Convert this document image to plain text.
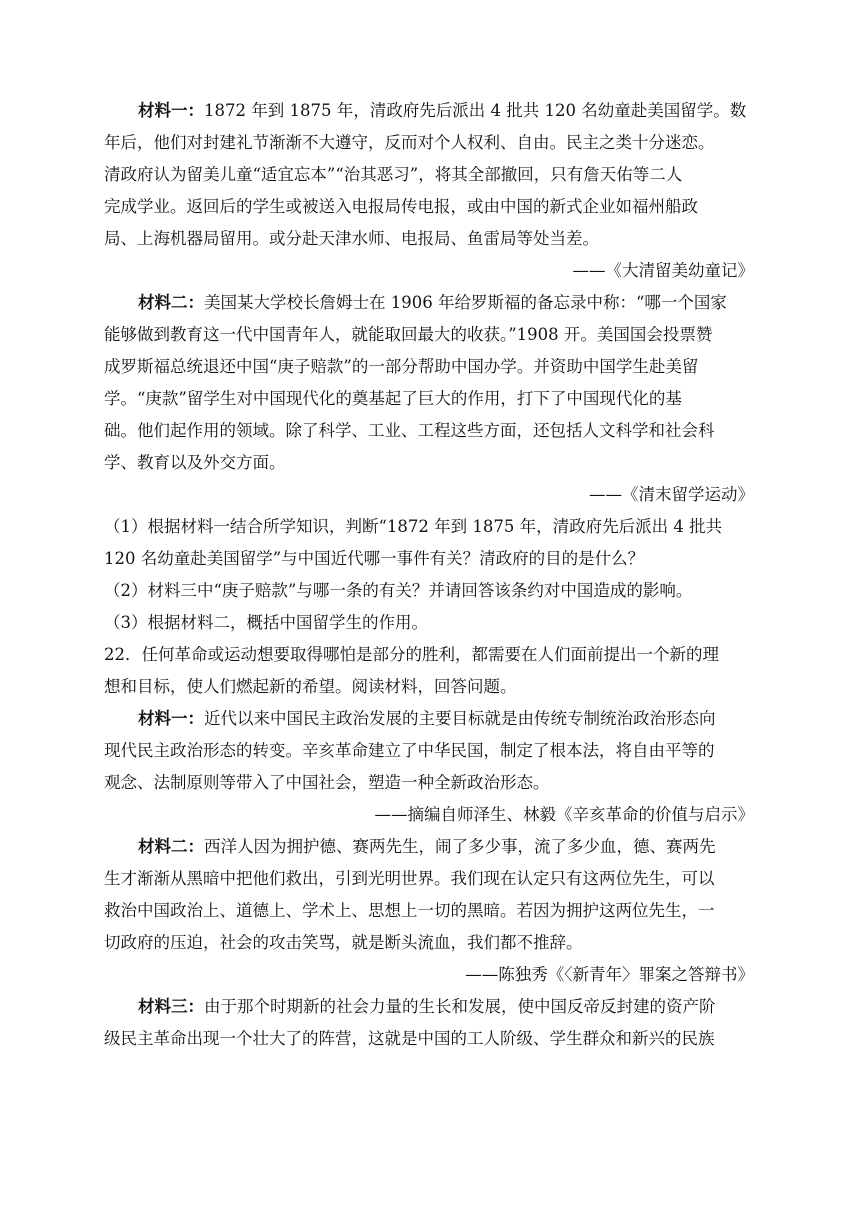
材料一：1872 年到 1875 年，清政府先后派出 4 批共 120 名幼童赴美国留学。数

年后，他们对封建礼节渐渐不大遵守，反而对个人权利、自由。民主之类十分迷恋。

清政府认为留美儿童“适宜忘本”“治其恶习”，将其全部撤回，只有詹天佑等二人

完成学业。返回后的学生或被送入电报局传电报，或由中国的新式企业如福州船政

局、上海机器局留用。或分赴天津水师、电报局、鱼雷局等处当差。

——《大清留美幼童记》

材料二：美国某大学校长詹姆士在 1906 年给罗斯福的备忘录中称：“哪一个国家

能够做到教育这一代中国青年人，就能取回最大的收获。”1908 开。美国国会投票赞

成罗斯福总统退还中国“庚子赔款”的一部分帮助中国办学。并资助中国学生赴美留

学。“庚款”留学生对中国现代化的奠基起了巨大的作用，打下了中国现代化的基

础。他们起作用的领域。除了科学、工业、工程这些方面，还包括人文科学和社会科

学、教育以及外交方面。

——《清末留学运动》

（1）根据材料一结合所学知识，判断“1872 年到 1875 年，清政府先后派出 4 批共

120 名幼童赴美国留学”与中国近代哪一事件有关？清政府的目的是什么？

（2）材料三中“庚子赔款”与哪一条的有关？并请回答该条约对中国造成的影响。

（3）根据材料二，概括中国留学生的作用。

22．任何革命或运动想要取得哪怕是部分的胜利，都需要在人们面前提出一个新的理

想和目标，使人们燃起新的希望。阅读材料，回答问题。

材料一：近代以来中国民主政治发展的主要目标就是由传统专制统治政治形态向

现代民主政治形态的转变。辛亥革命建立了中华民国，制定了根本法，将自由平等的

观念、法制原则等带入了中国社会，塑造一种全新政治形态。

——摘编自师泽生、林毅《辛亥革命的价值与启示》

材料二：西洋人因为拥护德、赛两先生，闹了多少事，流了多少血，德、赛两先

生才渐渐从黑暗中把他们救出，引到光明世界。我们现在认定只有这两位先生，可以

救治中国政治上、道德上、学术上、思想上一切的黑暗。若因为拥护这两位先生，一

切政府的压迫，社会的攻击笑骂，就是断头流血，我们都不推辞。

——陈独秀《〈新青年〉罪案之答辩书》

材料三：由于那个时期新的社会力量的生长和发展，使中国反帝反封建的资产阶

级民主革命出现一个壮大了的阵营，这就是中国的工人阶级、学生群众和新兴的民族
